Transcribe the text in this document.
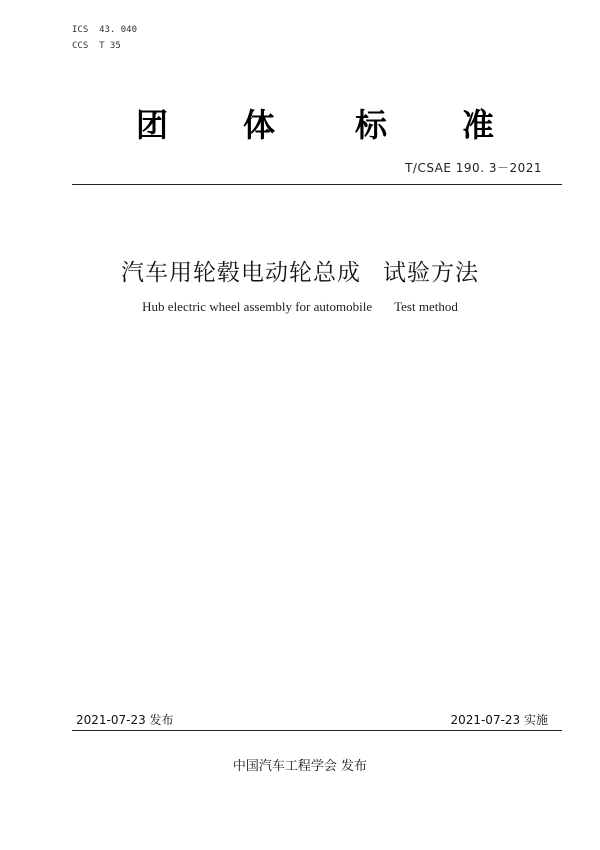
ICS  43. 040
CCS  T 35
团 体 标 准
T/CSAE 190. 3－2021
汽车用轮毂电动轮总成 试验方法
Hub electric wheel assembly for automobile Test method
2021-07-23 发布	2021-07-23 实施
中国汽车工程学会 发布
